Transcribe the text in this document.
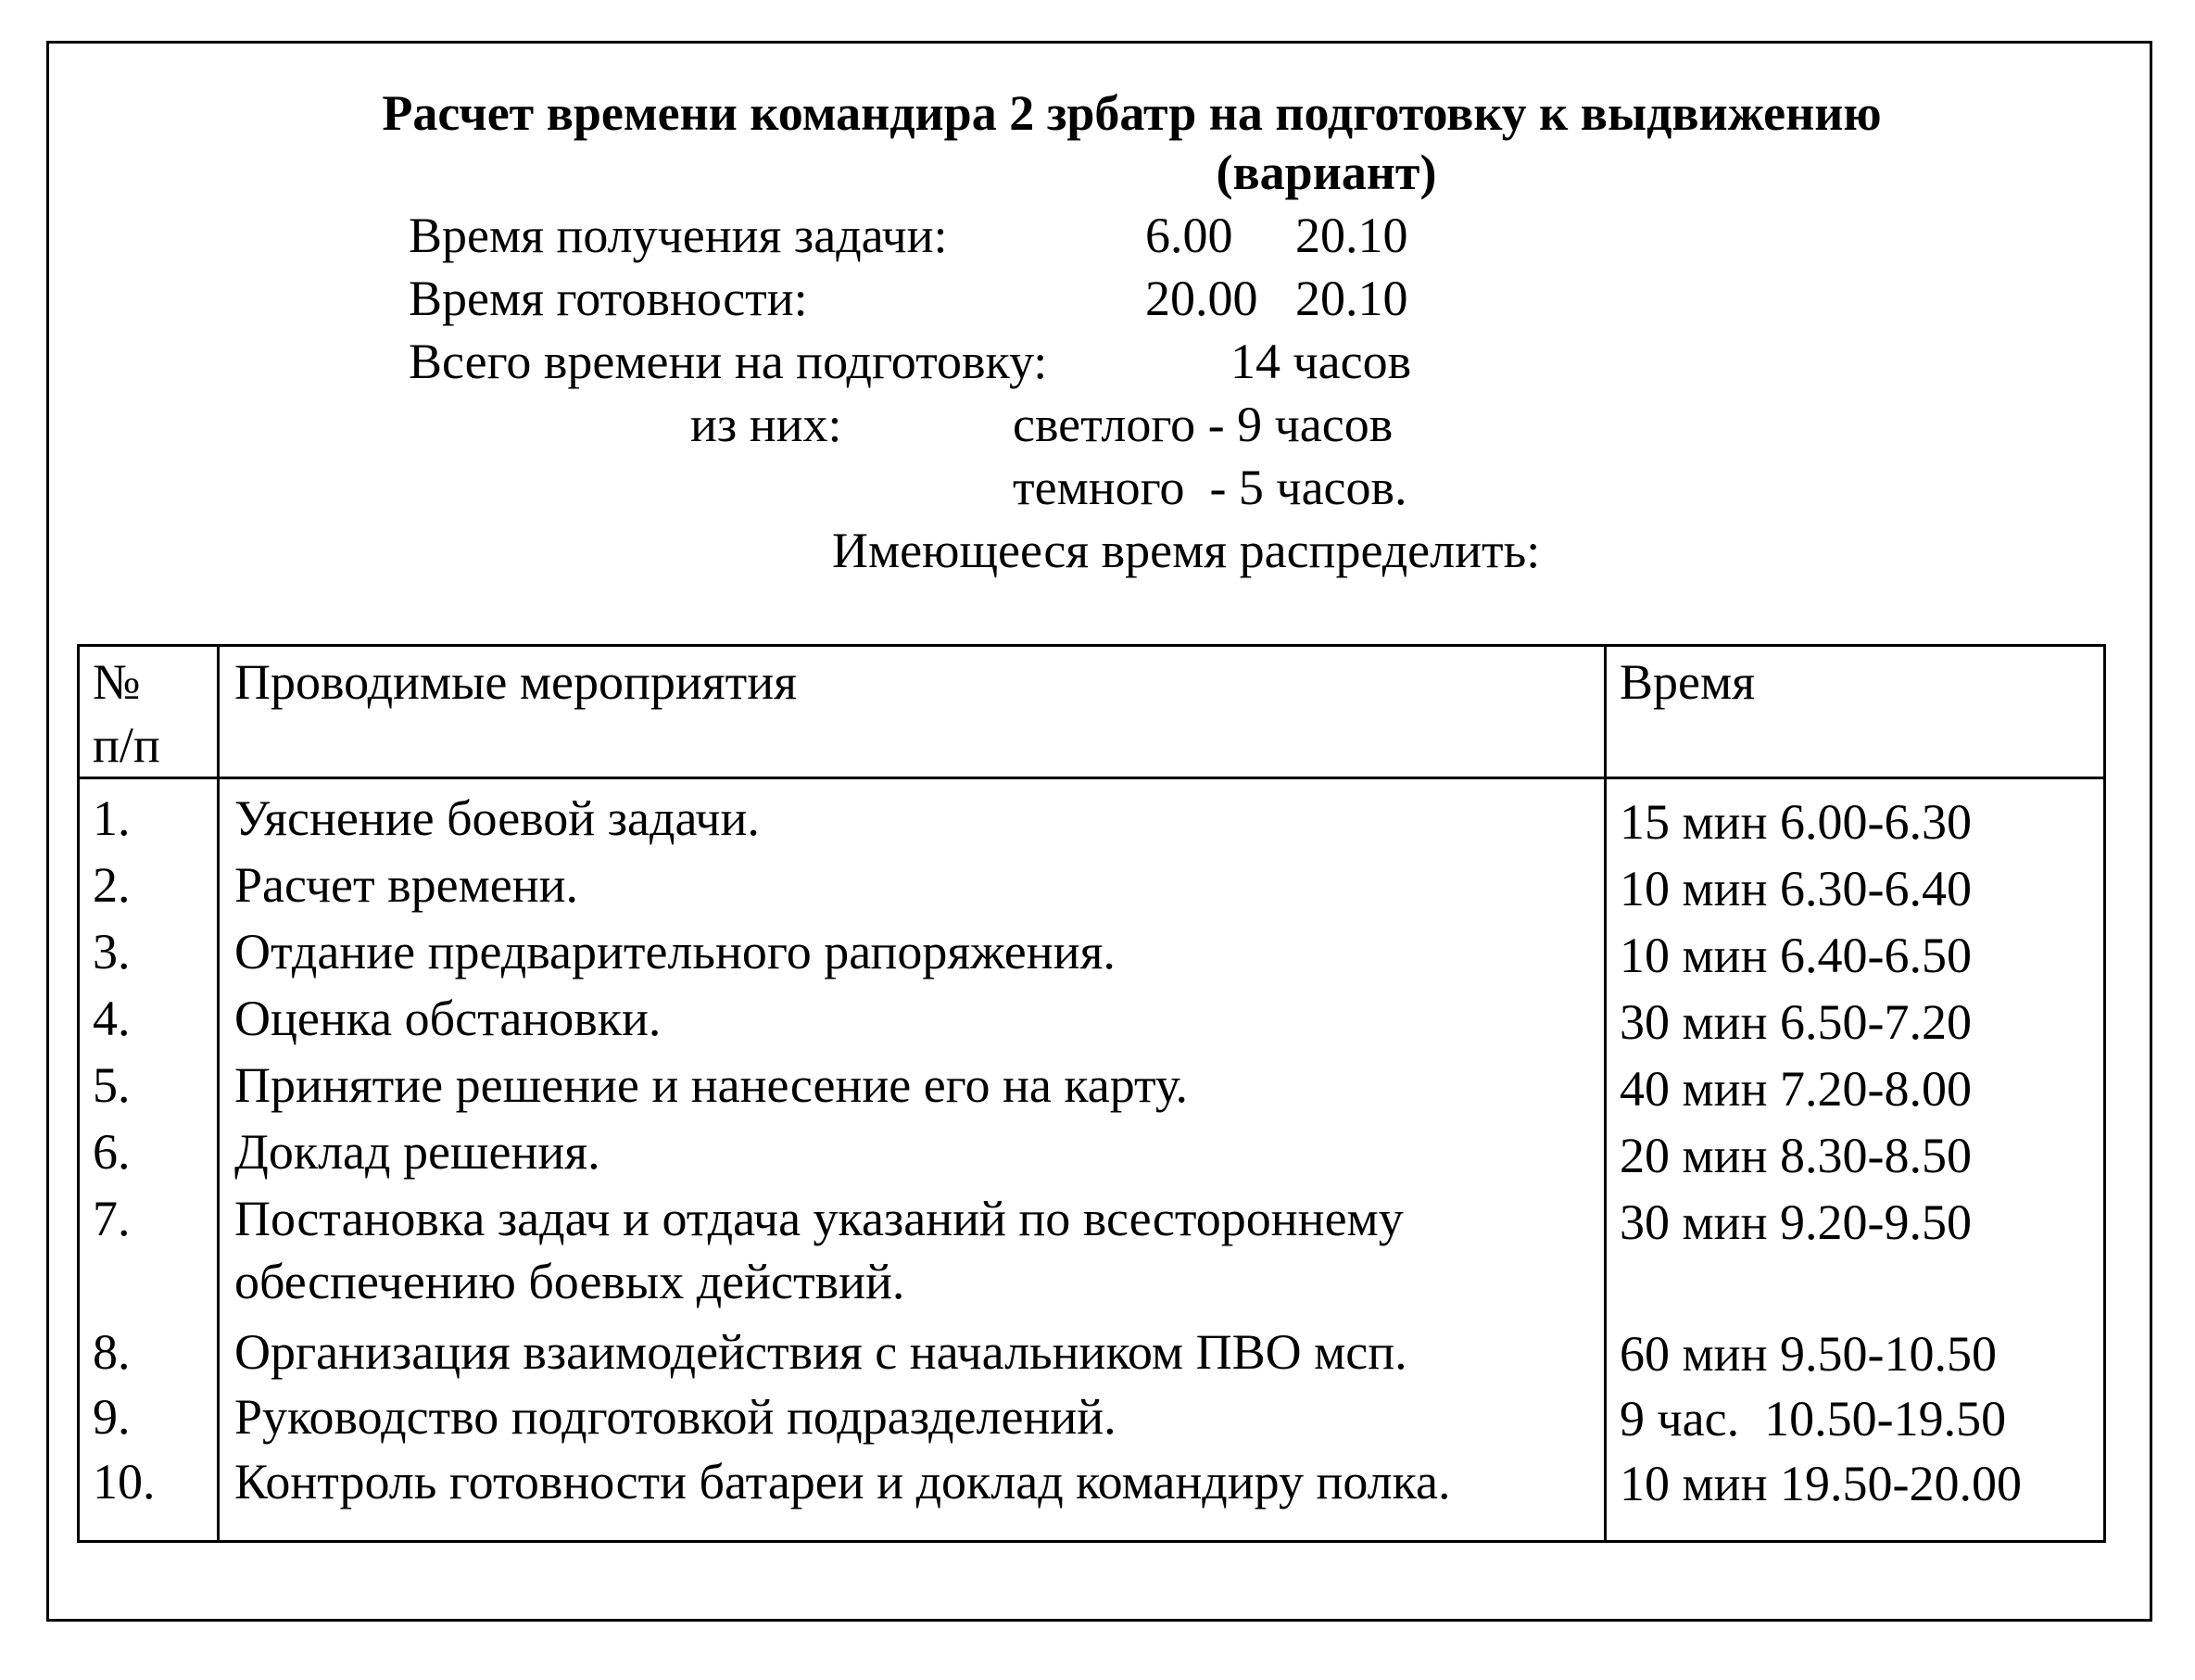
Расчет времени командира 2 зрбатр на подготовку к выдвижению
(вариант)
Время получения задачи:	6.00 20.10
Время готовности:	20.00 20.10
Всего времени на подготовку:	14 часов
из них:	светлого - 9 часов
темного  - 5 часов.
Имеющееся время распределить:
№
п/п	Проводимые мероприятия	Время
1.	Уяснение боевой задачи.	15 мин 6.00-6.30
2.	Расчет времени.	10 мин 6.30-6.40
3.	Отдание предварительного рапоряжения.	10 мин 6.40-6.50
4.	Оценка обстановки.	30 мин 6.50-7.20
5.	Принятие решение и нанесение его на карту.	40 мин 7.20-8.00
6.	Доклад решения.	20 мин 8.30-8.50
7.	Постановка задач и отдача указаний по всестороннему обеспечению боевых действий.	30 мин 9.20-9.50
8.	Организация взаимодействия с начальником ПВО мсп.	60 мин 9.50-10.50
9.	Руководство подготовкой подразделений.	9 час.  10.50-19.50
10.	Контроль готовности батареи и доклад командиру полка.	10 мин 19.50-20.00
